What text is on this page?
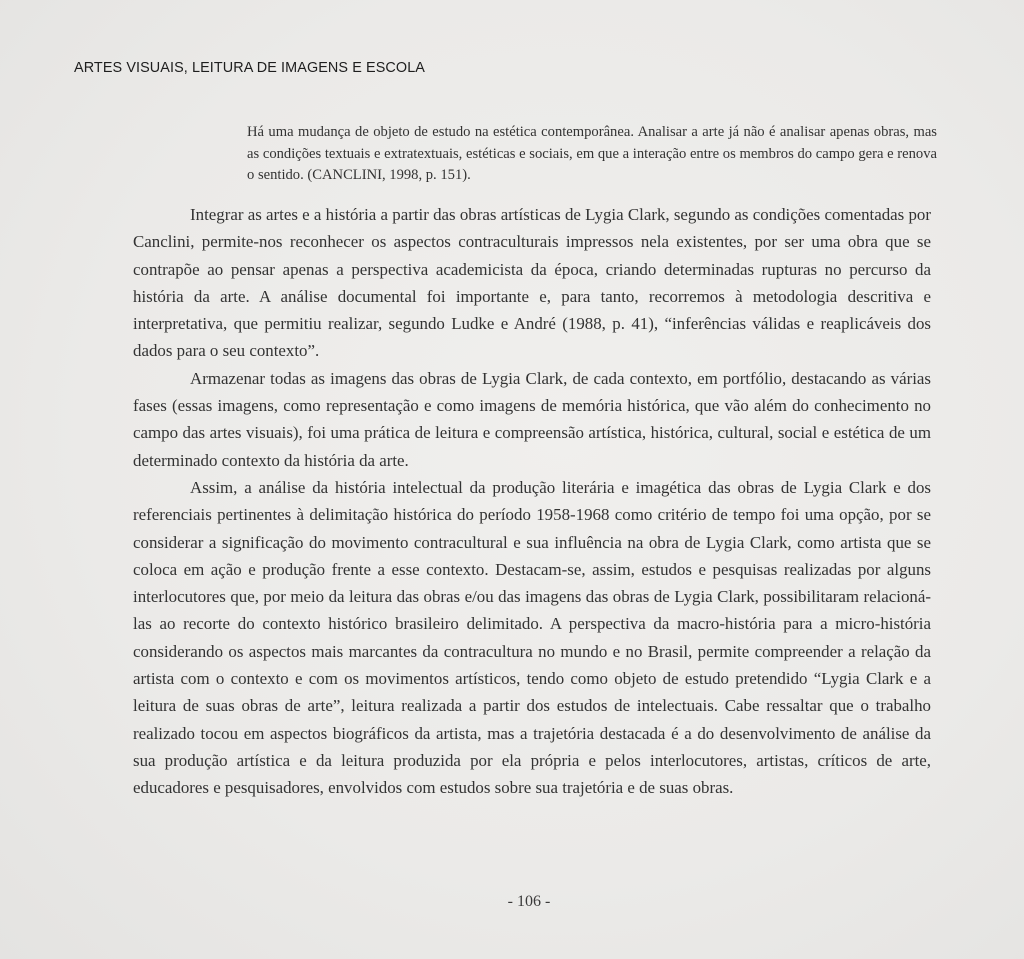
ARTES VISUAIS, LEITURA DE IMAGENS E ESCOLA
Há uma mudança de objeto de estudo na estética contemporânea. Analisar a arte já não é analisar apenas obras, mas as condições textuais e extratextuais, estéticas e sociais, em que a interação entre os membros do campo gera e renova o sentido. (CANCLINI, 1998, p. 151).

Integrar as artes e a história a partir das obras artísticas de Lygia Clark, segundo as condições comentadas por Canclini, permite-nos reconhecer os aspectos contraculturais impressos nela existentes, por ser uma obra que se contrapõe ao pensar apenas a perspectiva academicista da época, criando determinadas rupturas no percurso da história da arte. A análise documental foi importante e, para tanto, recorremos à metodologia descritiva e interpretativa, que permitiu realizar, segundo Ludke e André (1988, p. 41), “inferências válidas e reaplicáveis dos dados para o seu contexto”.

Armazenar todas as imagens das obras de Lygia Clark, de cada contexto, em portfólio, destacando as várias fases (essas imagens, como representação e como imagens de memória histórica, que vão além do conhecimento no campo das artes visuais), foi uma prática de leitura e compreensão artística, histórica, cultural, social e estética de um determinado contexto da história da arte.

Assim, a análise da história intelectual da produção literária e imagética das obras de Lygia Clark e dos referenciais pertinentes à delimitação histórica do período 1958-1968 como critério de tempo foi uma opção, por se considerar a significação do movimento contracultural e sua influência na obra de Lygia Clark, como artista que se coloca em ação e produção frente a esse contexto. Destacam-se, assim, estudos e pesquisas realizadas por alguns interlocutores que, por meio da leitura das obras e/ou das imagens das obras de Lygia Clark, possibilitaram relacioná-las ao recorte do contexto histórico brasileiro delimitado. A perspectiva da macro-história para a micro-história considerando os aspectos mais marcantes da contracultura no mundo e no Brasil, permite compreender a relação da artista com o contexto e com os movimentos artísticos, tendo como objeto de estudo pretendido “Lygia Clark e a leitura de suas obras de arte”, leitura realizada a partir dos estudos de intelectuais. Cabe ressaltar que o trabalho realizado tocou em aspectos biográficos da artista, mas a trajetória destacada é a do desenvolvimento de análise da sua produção artística e da leitura produzida por ela própria e pelos interlocutores, artistas, críticos de arte, educadores e pesquisadores, envolvidos com estudos sobre sua trajetória e de suas obras.

- 106 -
